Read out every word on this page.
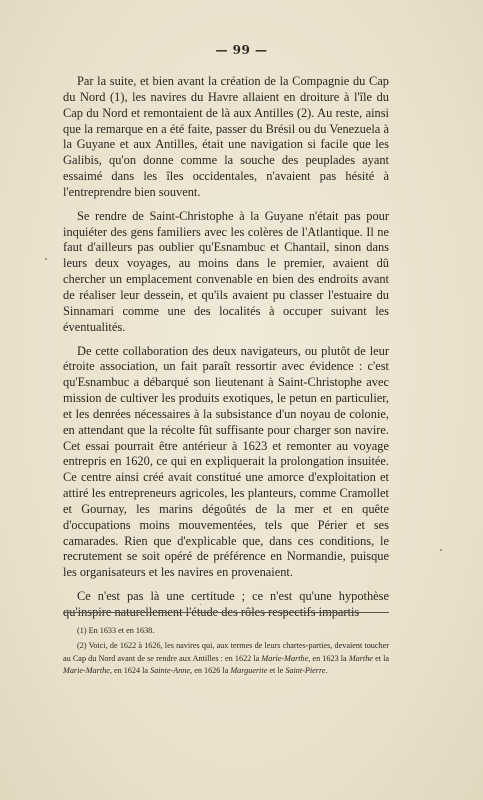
— 99 —

Par la suite, et bien avant la création de la Compagnie du Cap du Nord (1), les navires du Havre allaient en droiture à l'île du Cap du Nord et remontaient de là aux Antilles (2). Au reste, ainsi que la remarque en a été faite, passer du Brésil ou du Venezuela à la Guyane et aux Antilles, était une navigation si facile que les Galibis, qu'on donne comme la souche des peuplades ayant essaimé dans les îles occidentales, n'avaient pas hésité à l'entreprendre bien souvent.

Se rendre de Saint-Christophe à la Guyane n'était pas pour inquiéter des gens familiers avec les colères de l'Atlantique. Il ne faut d'ailleurs pas oublier qu'Esnambuc et Chantail, sinon dans leurs deux voyages, au moins dans le premier, avaient dû chercher un emplacement convenable en bien des endroits avant de réaliser leur dessein, et qu'ils avaient pu classer l'estuaire du Sinnamari comme une des localités à occuper suivant les éventualités.

De cette collaboration des deux navigateurs, ou plutôt de leur étroite association, un fait paraît ressortir avec évidence : c'est qu'Esnambuc a débarqué son lieutenant à Saint-Christophe avec mission de cultiver les produits exotiques, le petun en particulier, et les denrées nécessaires à la subsistance d'un noyau de colonie, en attendant que la récolte fût suffisante pour charger son navire. Cet essai pourrait être antérieur à 1623 et remonter au voyage entrepris en 1620, ce qui en expliquerait la prolongation insuitée. Ce centre ainsi créé avait constitué une amorce d'exploitation et attiré les entrepreneurs agricoles, les planteurs, comme Cramollet et Gournay, les marins dégoûtés de la mer et en quête d'occupations moins mouvementées, tels que Périer et ses camarades. Rien que d'explicable que, dans ces conditions, le recrutement se soit opéré de préférence en Normandie, puisque les organisateurs et les navires en provenaient.

Ce n'est pas là une certitude ; ce n'est qu'une hypothèse qu'inspire naturellement l'étude des rôles respectifs impartis

(1) En 1633 et en 1638.

(2) Voici, de 1622 à 1626, les navires qui, aux termes de leurs chartes-parties, devaient toucher au Cap du Nord avant de se rendre aux Antilles : en 1622 la Marie-Marthe, en 1623 la Marthe et la Marie-Marthe, en 1624 la Sainte-Anne, en 1626 la Marguerite et le Saint-Pierre.
